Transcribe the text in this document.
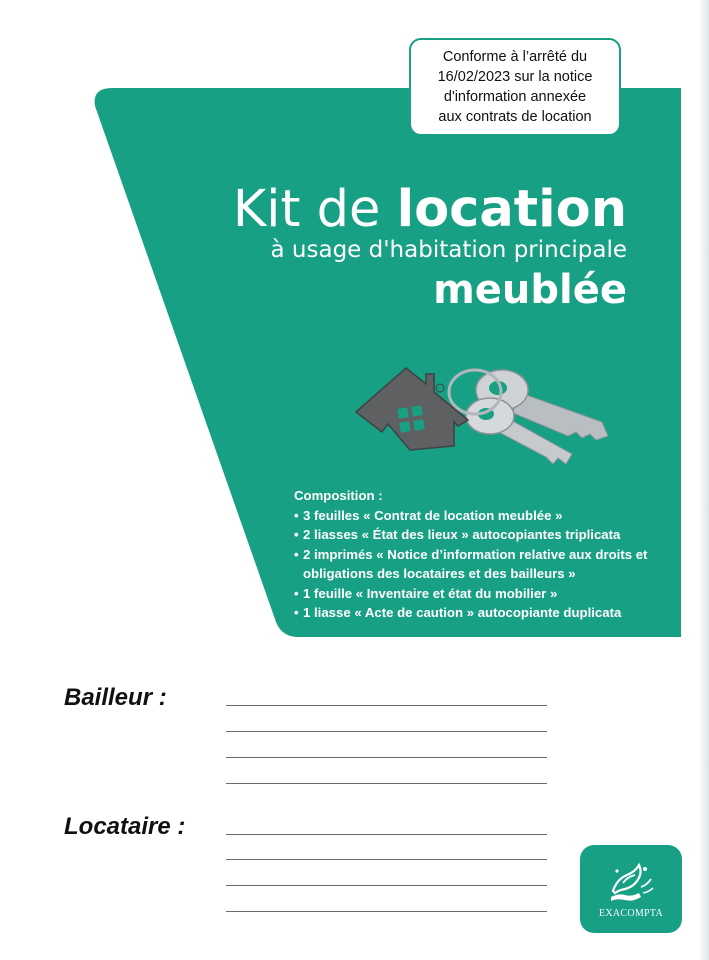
Conforme à l’arrêté du
16/02/2023 sur la notice
d'information annexée
aux contrats de location
Kit de location
à usage d'habitation principale
meublée
Composition :
• 3 feuilles « Contrat de location meublée »
• 2 liasses « État des lieux » autocopiantes triplicata
• 2 imprimés « Notice d’information relative aux droits et obligations des locataires et des bailleurs »
• 1 feuille « Inventaire et état du mobilier »
• 1 liasse « Acte de caution » autocopiante duplicata
Bailleur :
Locataire :
EXACOMPTA
